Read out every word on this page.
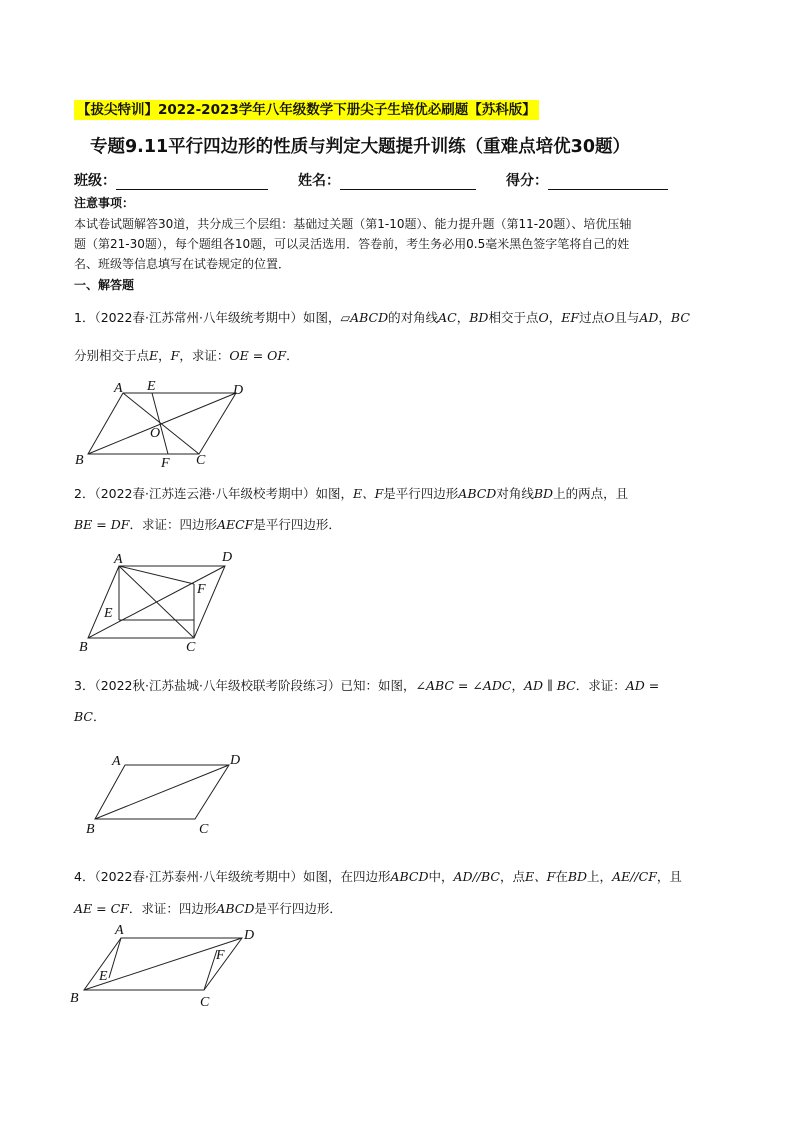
【拔尖特训】2022-2023学年八年级数学下册尖子生培优必刷题【苏科版】
专题9.11平行四边形的性质与判定大题提升训练（重难点培优30题）
班级：	姓名：	得分：
注意事项：

本试卷试题解答30道，共分成三个层组：基础过关题（第1-10题）、能力提升题（第11-20题）、培优压轴

题（第21-30题），每个题组各10题，可以灵活选用．答卷前，考生务必用0.5毫米黑色签字笔将自己的姓

名、班级等信息填写在试卷规定的位置．

一、解答题
1．（2022春·江苏常州·八年级统考期中）如图，▱ABCD的对角线AC，BD相交于点O，EF过点O且与AD，BC
分别相交于点E，F，求证：OE = OF．
2．（2022春·江苏连云港·八年级校考期中）如图，E、F是平行四边形ABCD对角线BD上的两点，且
BE = DF．求证：四边形AECF是平行四边形．
3．（2022秋·江苏盐城·八年级校联考阶段练习）已知：如图，∠ABC = ∠ADC，AD ∥ BC．求证：AD =
BC．
4．（2022春·江苏泰州·八年级统考期中）如图，在四边形ABCD中，AD//BC，点E、F在BD上，AE//CF，且
AE = CF．求证：四边形ABCD是平行四边形．
A E	D
O
B	F C
A	D
F
E
B	C
A	D
B	C
A	D
F
E
B	C
